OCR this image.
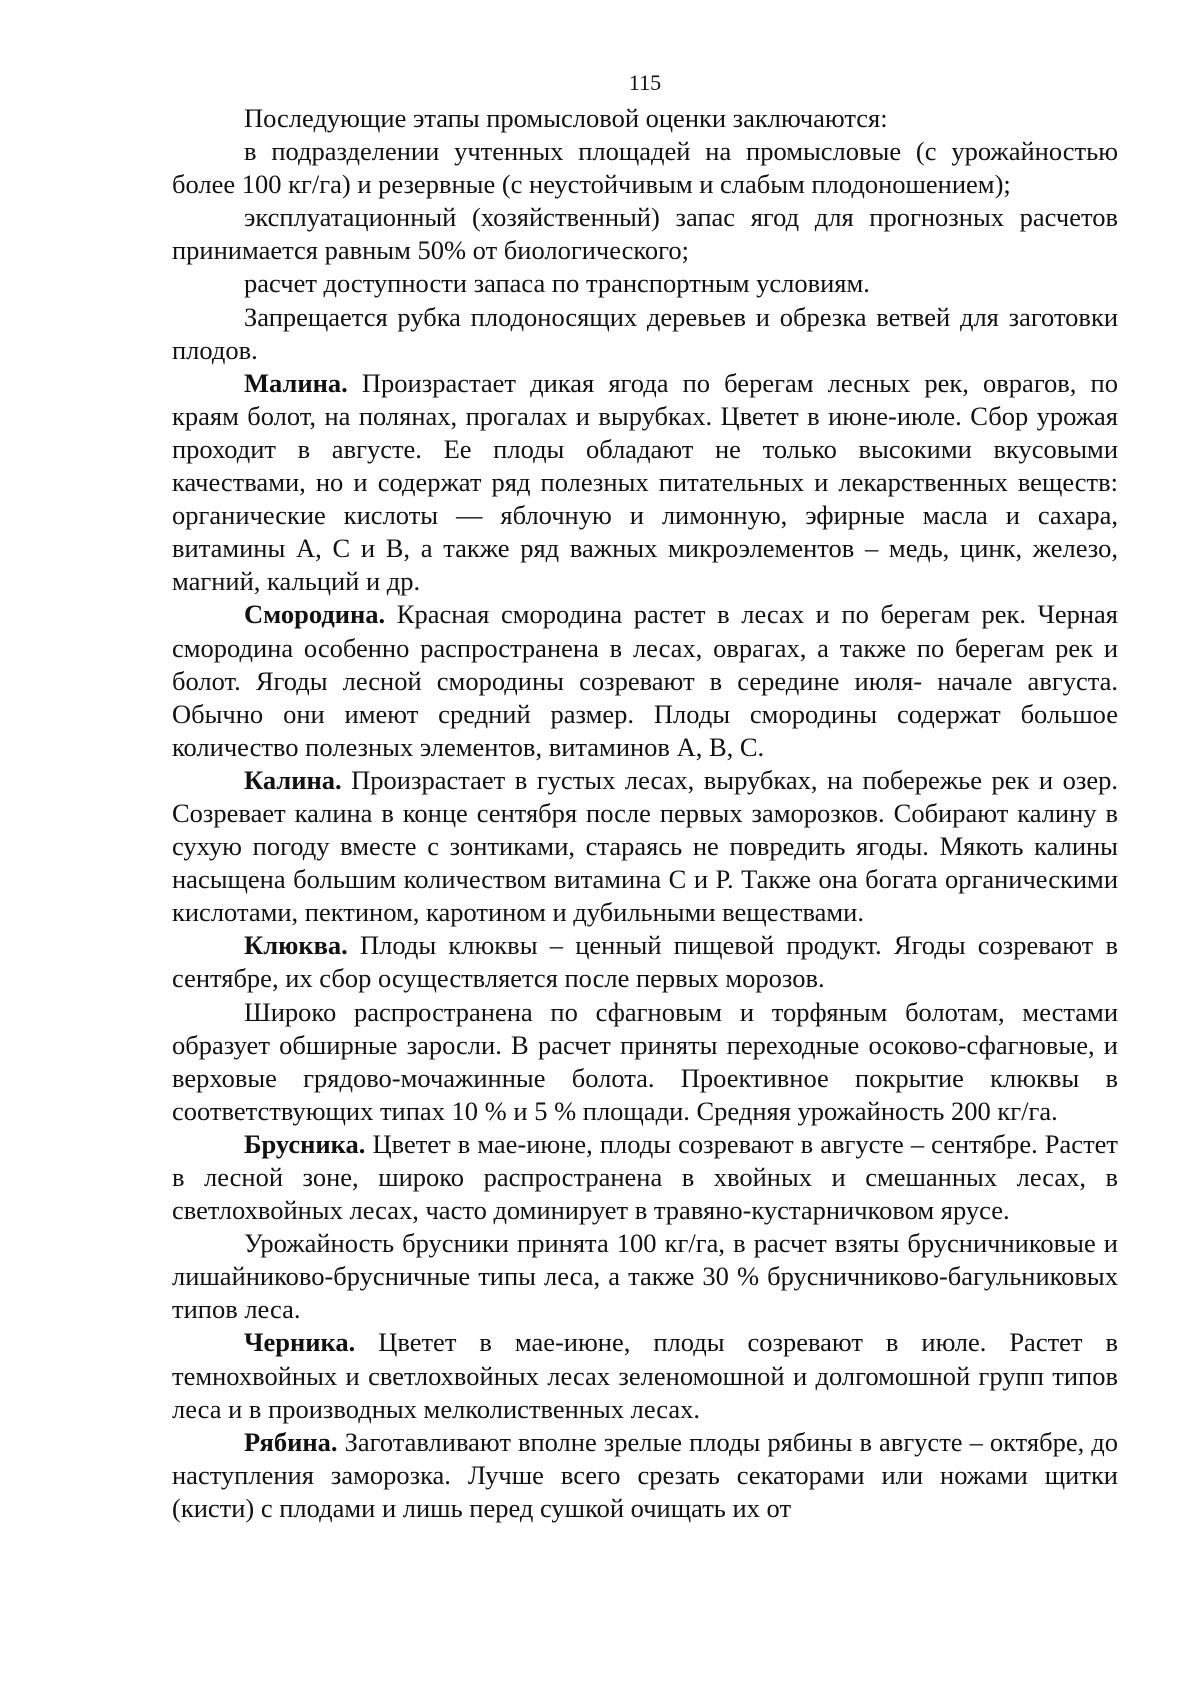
115

Последующие этапы промысловой оценки заключаются:

в подразделении учтенных площадей на промысловые (с урожайностью более 100 кг/га) и резервные (с неустойчивым и слабым плодоношением);

эксплуатационный (хозяйственный) запас ягод для прогнозных расчетов принимается равным 50% от биологического;

расчет доступности запаса по транспортным условиям.

Запрещается рубка плодоносящих деревьев и обрезка ветвей для заготовки плодов.

Малина. Произрастает дикая ягода по берегам лесных рек, оврагов, по краям болот, на полянах, прогалах и вырубках. Цветет в июне-июле. Сбор урожая проходит в августе. Ее плоды обладают не только высокими вкусовыми качествами, но и содержат ряд полезных питательных и лекарственных веществ: органические кислоты — яблочную и лимонную, эфирные масла и сахара, витамины А, С и В, а также ряд важных микроэлементов – медь, цинк, железо, магний, кальций и др.

Смородина. Красная смородина растет в лесах и по берегам рек. Черная смородина особенно распространена в лесах, оврагах, а также по берегам рек и болот. Ягоды лесной смородины созревают в середине июля- начале августа. Обычно они имеют средний размер. Плоды смородины содержат большое количество полезных элементов, витаминов А, В, С.

Калина. Произрастает в густых лесах, вырубках, на побережье рек и озер. Созревает калина в конце сентября после первых заморозков. Собирают калину в сухую погоду вместе с зонтиками, стараясь не повредить ягоды. Мякоть калины насыщена большим количеством витамина С и Р. Также она богата органическими кислотами, пектином, каротином и дубильными веществами.

Клюква. Плоды клюквы – ценный пищевой продукт. Ягоды созревают в сентябре, их сбор осуществляется после первых морозов.

Широко распространена по сфагновым и торфяным болотам, местами образует обширные заросли. В расчет приняты переходные осоково-сфагновые, и верховые грядово-мочажинные болота. Проективное покрытие клюквы в соответствующих типах 10 % и 5 % площади. Средняя урожайность 200 кг/га.

Брусника. Цветет в мае-июне, плоды созревают в августе – сентябре. Растет в лесной зоне, широко распространена в хвойных и смешанных лесах, в светлохвойных лесах, часто доминирует в травяно-кустарничковом ярусе.

Урожайность брусники принята 100 кг/га, в расчет взяты брусничниковые и лишайниково-брусничные типы леса, а также 30 % брусничниково-багульниковых типов леса.

Черника. Цветет в мае-июне, плоды созревают в июле. Растет в темнохвойных и светлохвойных лесах зеленомошной и долгомошной групп типов леса и в производных мелколиственных лесах.

Рябина. Заготавливают вполне зрелые плоды рябины в августе – октябре, до наступления заморозка. Лучше всего срезать секаторами или ножами щитки (кисти) с плодами и лишь перед сушкой очищать их от
